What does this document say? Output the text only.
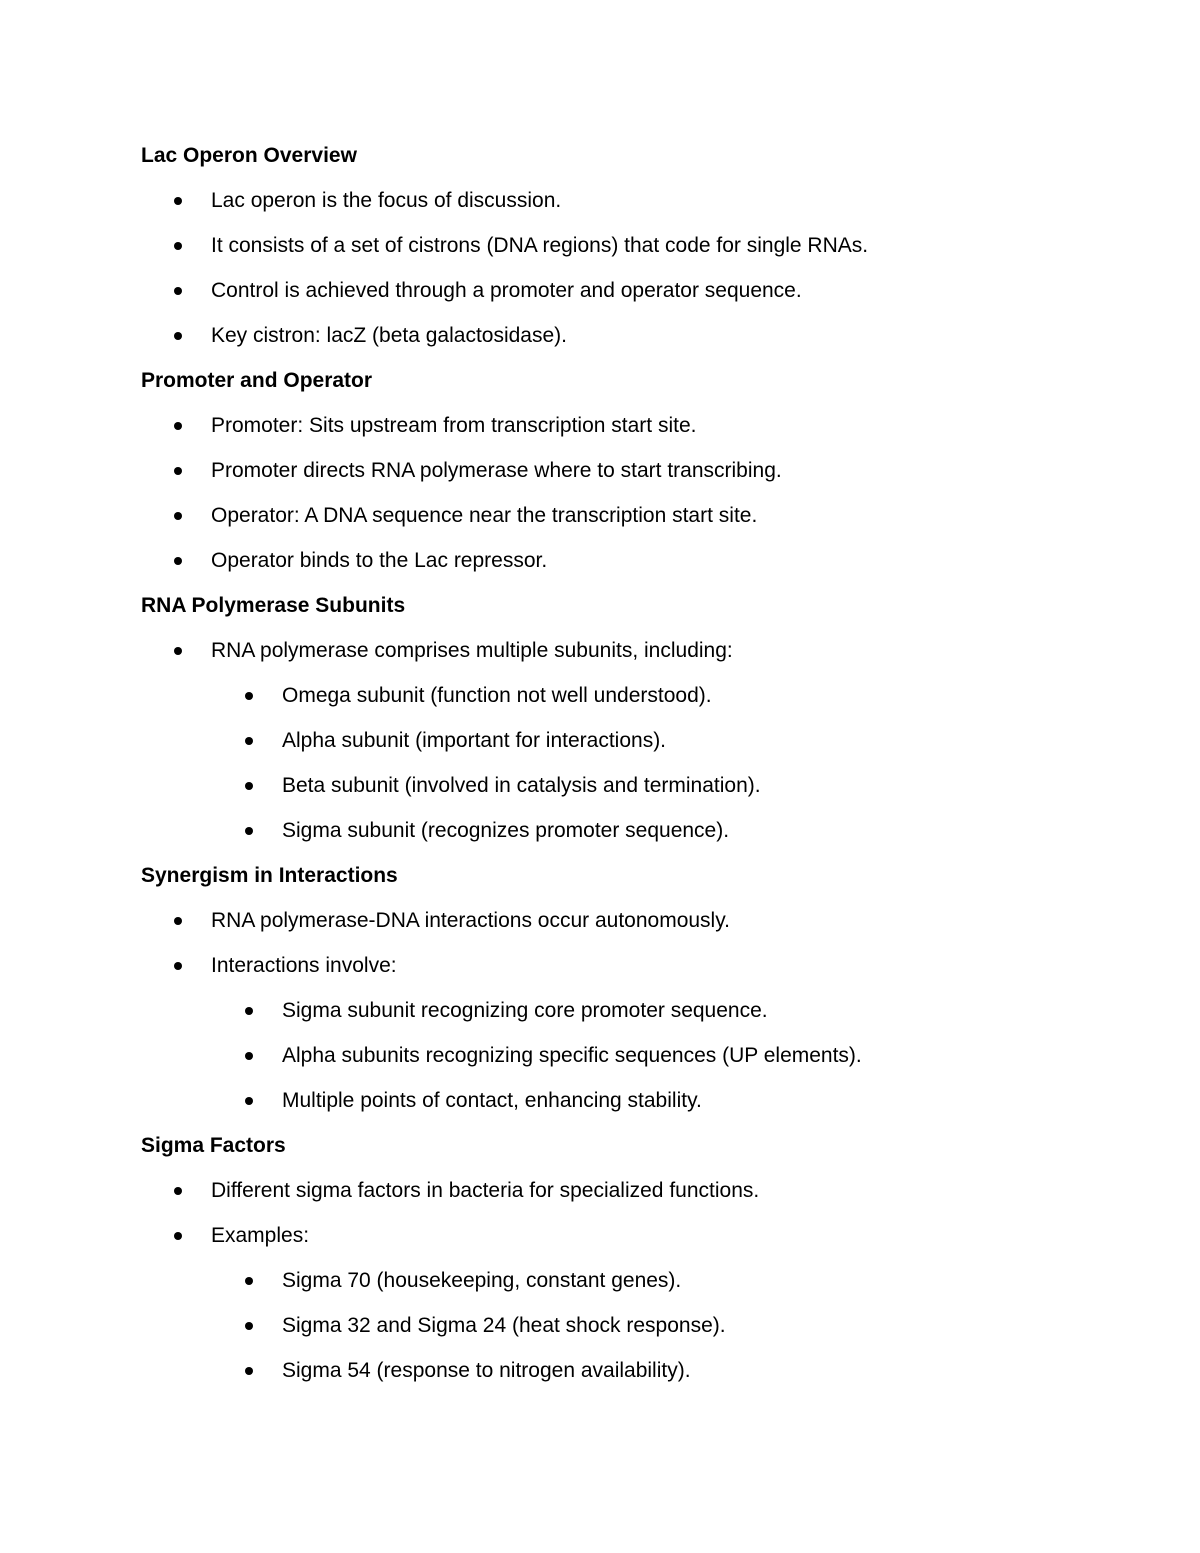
Lac Operon Overview
Lac operon is the focus of discussion.
It consists of a set of cistrons (DNA regions) that code for single RNAs.
Control is achieved through a promoter and operator sequence.
Key cistron: lacZ (beta galactosidase).
Promoter and Operator
Promoter: Sits upstream from transcription start site.
Promoter directs RNA polymerase where to start transcribing.
Operator: A DNA sequence near the transcription start site.
Operator binds to the Lac repressor.
RNA Polymerase Subunits
RNA polymerase comprises multiple subunits, including:
Omega subunit (function not well understood).
Alpha subunit (important for interactions).
Beta subunit (involved in catalysis and termination).
Sigma subunit (recognizes promoter sequence).
Synergism in Interactions
RNA polymerase-DNA interactions occur autonomously.
Interactions involve:
Sigma subunit recognizing core promoter sequence.
Alpha subunits recognizing specific sequences (UP elements).
Multiple points of contact, enhancing stability.
Sigma Factors
Different sigma factors in bacteria for specialized functions.
Examples:
Sigma 70 (housekeeping, constant genes).
Sigma 32 and Sigma 24 (heat shock response).
Sigma 54 (response to nitrogen availability).
